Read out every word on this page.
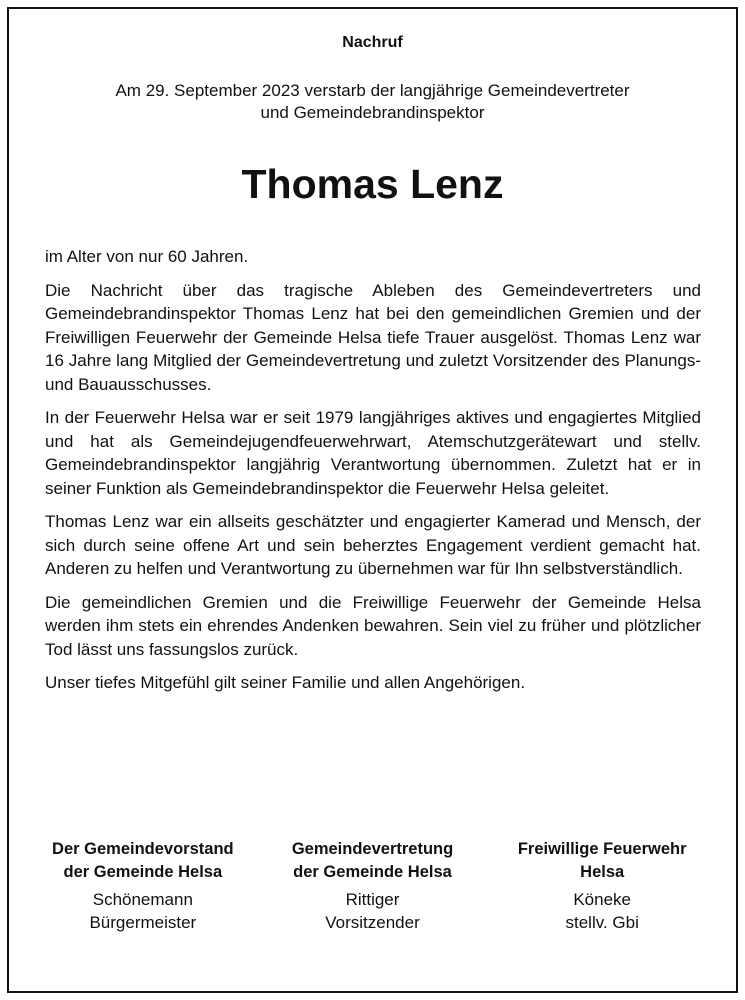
Nachruf
Am 29. September 2023 verstarb der langjährige Gemeindevertreter
und Gemeindebrandinspektor
Thomas Lenz

im Alter von nur 60 Jahren.

Die Nachricht über das tragische Ableben des Gemeindevertreters und Gemeindebrandinspektor Thomas Lenz hat bei den gemeindlichen Gremien und der Freiwilligen Feuerwehr der Gemeinde Helsa tiefe Trauer ausgelöst. Thomas Lenz war 16 Jahre lang Mitglied der Gemeindevertretung und zuletzt Vorsitzender des Planungs- und Bauausschusses.

In der Feuerwehr Helsa war er seit 1979 langjähriges aktives und engagiertes Mitglied und hat als Gemeindejugendfeuerwehrwart, Atemschutzgerätewart und stellv. Gemeindebrandinspektor langjährig Verantwortung übernommen. Zuletzt hat er in seiner Funktion als Gemeindebrandinspektor die Feuerwehr Helsa geleitet.

Thomas Lenz war ein allseits geschätzter und engagierter Kamerad und Mensch, der sich durch seine offene Art und sein beherztes Engagement verdient gemacht hat. Anderen zu helfen und Verantwortung zu übernehmen war für Ihn selbstverständlich.

Die gemeindlichen Gremien und die Freiwillige Feuerwehr der Gemeinde Helsa werden ihm stets ein ehrendes Andenken bewahren. Sein viel zu früher und plötzlicher Tod lässt uns fassungslos zurück.

Unser tiefes Mitgefühl gilt seiner Familie und allen Angehörigen.

Der Gemeindevorstand
der Gemeinde Helsa
Schönemann
Bürgermeister
Gemeindevertretung
der Gemeinde Helsa
Rittiger
Vorsitzender
Freiwillige Feuerwehr
Helsa
Köneke
stellv. Gbi
